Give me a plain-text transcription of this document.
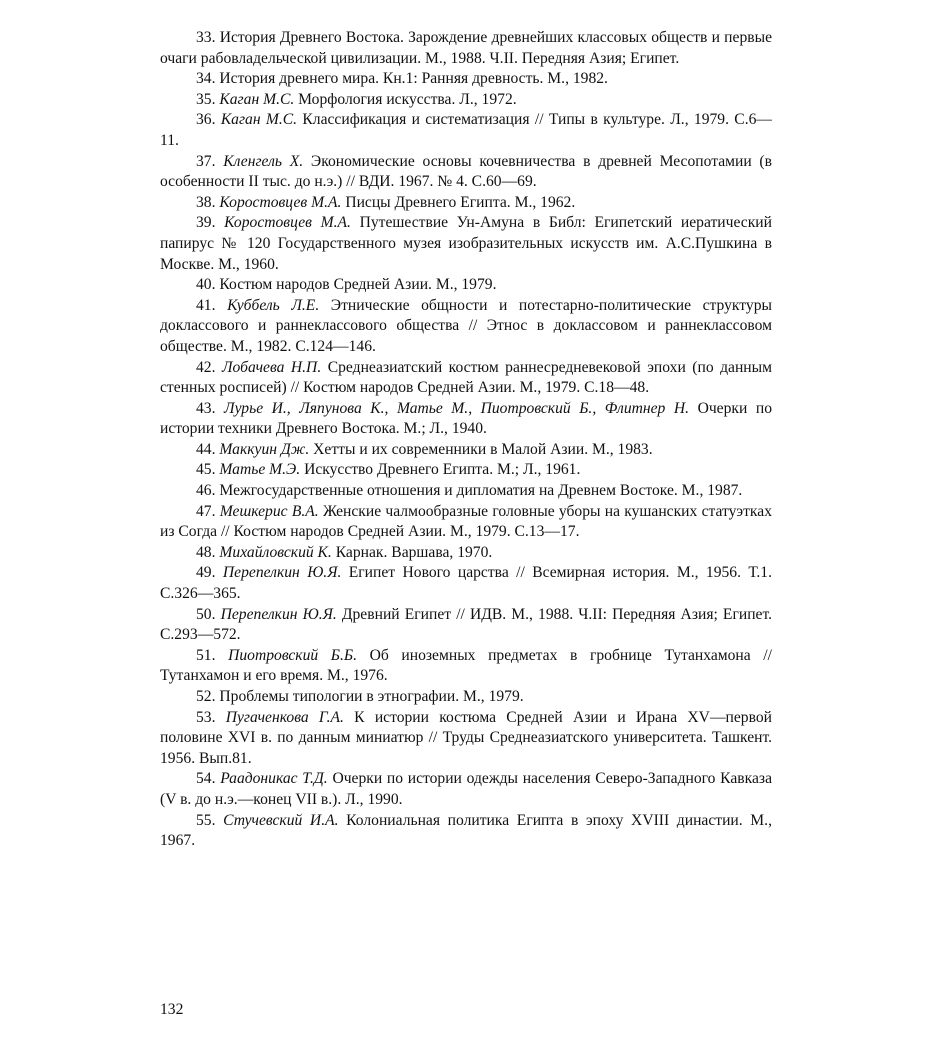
33. История Древнего Востока. Зарождение древнейших классовых обществ и первые очаги рабовладельческой цивилизации. М., 1988. Ч.II. Передняя Азия; Египет.
34. История древнего мира. Кн.1: Ранняя древность. М., 1982.
35. Каган М.С. Морфология искусства. Л., 1972.
36. Каган М.С. Классификация и систематизация // Типы в культуре. Л., 1979. С.6—11.
37. Кленгель Х. Экономические основы кочевничества в древней Месопотамии (в особенности II тыс. до н.э.) // ВДИ. 1967. № 4. С.60—69.
38. Коростовцев М.А. Писцы Древнего Египта. М., 1962.
39. Коростовцев М.А. Путешествие Ун-Амуна в Библ: Египетский иератический папирус № 120 Государственного музея изобразительных искусств им. А.С.Пушкина в Москве. М., 1960.
40. Костюм народов Средней Азии. М., 1979.
41. Куббель Л.Е. Этнические общности и потестарно-политические структуры доклассового и раннеклассового общества // Этнос в доклассовом и раннеклассовом обществе. М., 1982. С.124—146.
42. Лобачева Н.П. Среднеазиатский костюм раннесредневековой эпохи (по данным стенных росписей) // Костюм народов Средней Азии. М., 1979. С.18—48.
43. Лурье И., Ляпунова К., Матье М., Пиотровский Б., Флитнер Н. Очерки по истории техники Древнего Востока. М.; Л., 1940.
44. Маккуин Дж. Хетты и их современники в Малой Азии. М., 1983.
45. Матье М.Э. Искусство Древнего Египта. М.; Л., 1961.
46. Межгосударственные отношения и дипломатия на Древнем Востоке. М., 1987.
47. Мешкерис В.А. Женские чалмообразные головные уборы на кушанских статуэтках из Согда // Костюм народов Средней Азии. М., 1979. С.13—17.
48. Михайловский К. Карнак. Варшава, 1970.
49. Перепелкин Ю.Я. Египет Нового царства // Всемирная история. М., 1956. Т.1. С.326—365.
50. Перепелкин Ю.Я. Древний Египет // ИДВ. М., 1988. Ч.II: Передняя Азия; Египет. С.293—572.
51. Пиотровский Б.Б. Об иноземных предметах в гробнице Тутанхамона // Тутанхамон и его время. М., 1976.
52. Проблемы типологии в этнографии. М., 1979.
53. Пугаченкова Г.А. К истории костюма Средней Азии и Ирана XV—первой половине XVI в. по данным миниатюр // Труды Среднеазиатского университета. Ташкент. 1956. Вып.81.
54. Раадоникас Т.Д. Очерки по истории одежды населения Северо-Западного Кавказа (V в. до н.э.—конец VII в.). Л., 1990.
55. Стучевский И.А. Колониальная политика Египта в эпоху XVIII династии. М., 1967.
132
